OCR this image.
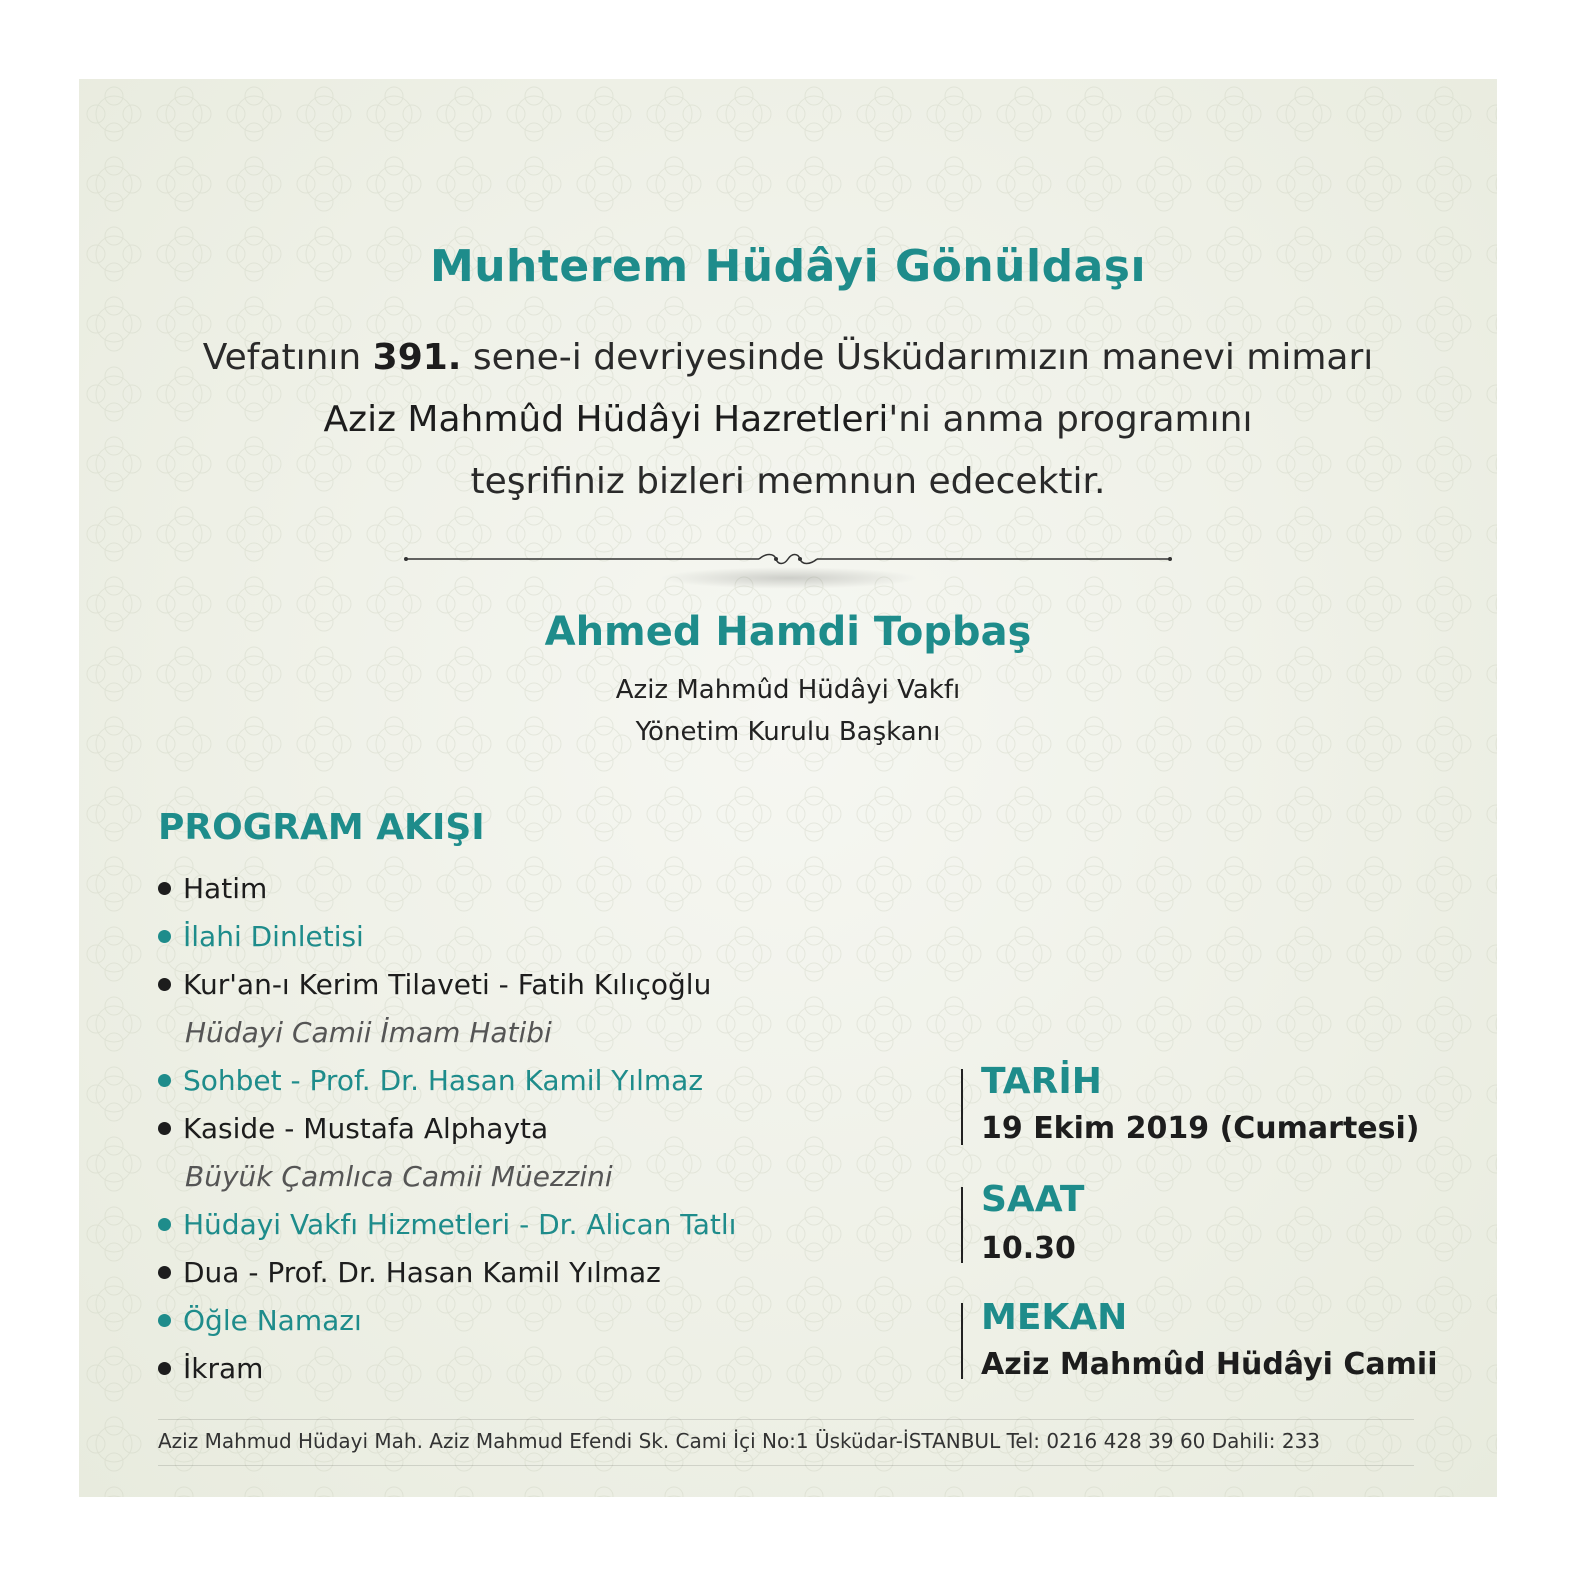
Muhterem Hüdâyi Gönüldaşı
Vefatının 391. sene-i devriyesinde Üsküdarımızın manevi mimarı
Aziz Mahmûd Hüdâyi Hazretleri'ni anma programını
teşrifiniz bizleri memnun edecektir.
Ahmed Hamdi Topbaş
Aziz Mahmûd Hüdâyi Vakfı
Yönetim Kurulu Başkanı
PROGRAM AKIŞI
Hatim
İlahi Dinletisi
Kur'an-ı Kerim Tilaveti - Fatih Kılıçoğlu
Hüdayi Camii İmam Hatibi
Sohbet - Prof. Dr. Hasan Kamil Yılmaz
Kaside - Mustafa Alphayta
Büyük Çamlıca Camii Müezzini
Hüdayi Vakfı Hizmetleri - Dr. Alican Tatlı
Dua - Prof. Dr. Hasan Kamil Yılmaz
Öğle Namazı
İkram
TARİH
19 Ekim 2019 (Cumartesi)
SAAT
10.30
MEKAN
Aziz Mahmûd Hüdâyi Camii
Aziz Mahmud Hüdayi Mah. Aziz Mahmud Efendi Sk. Cami İçi No:1 Üsküdar-İSTANBUL Tel: 0216 428 39 60 Dahili: 233
